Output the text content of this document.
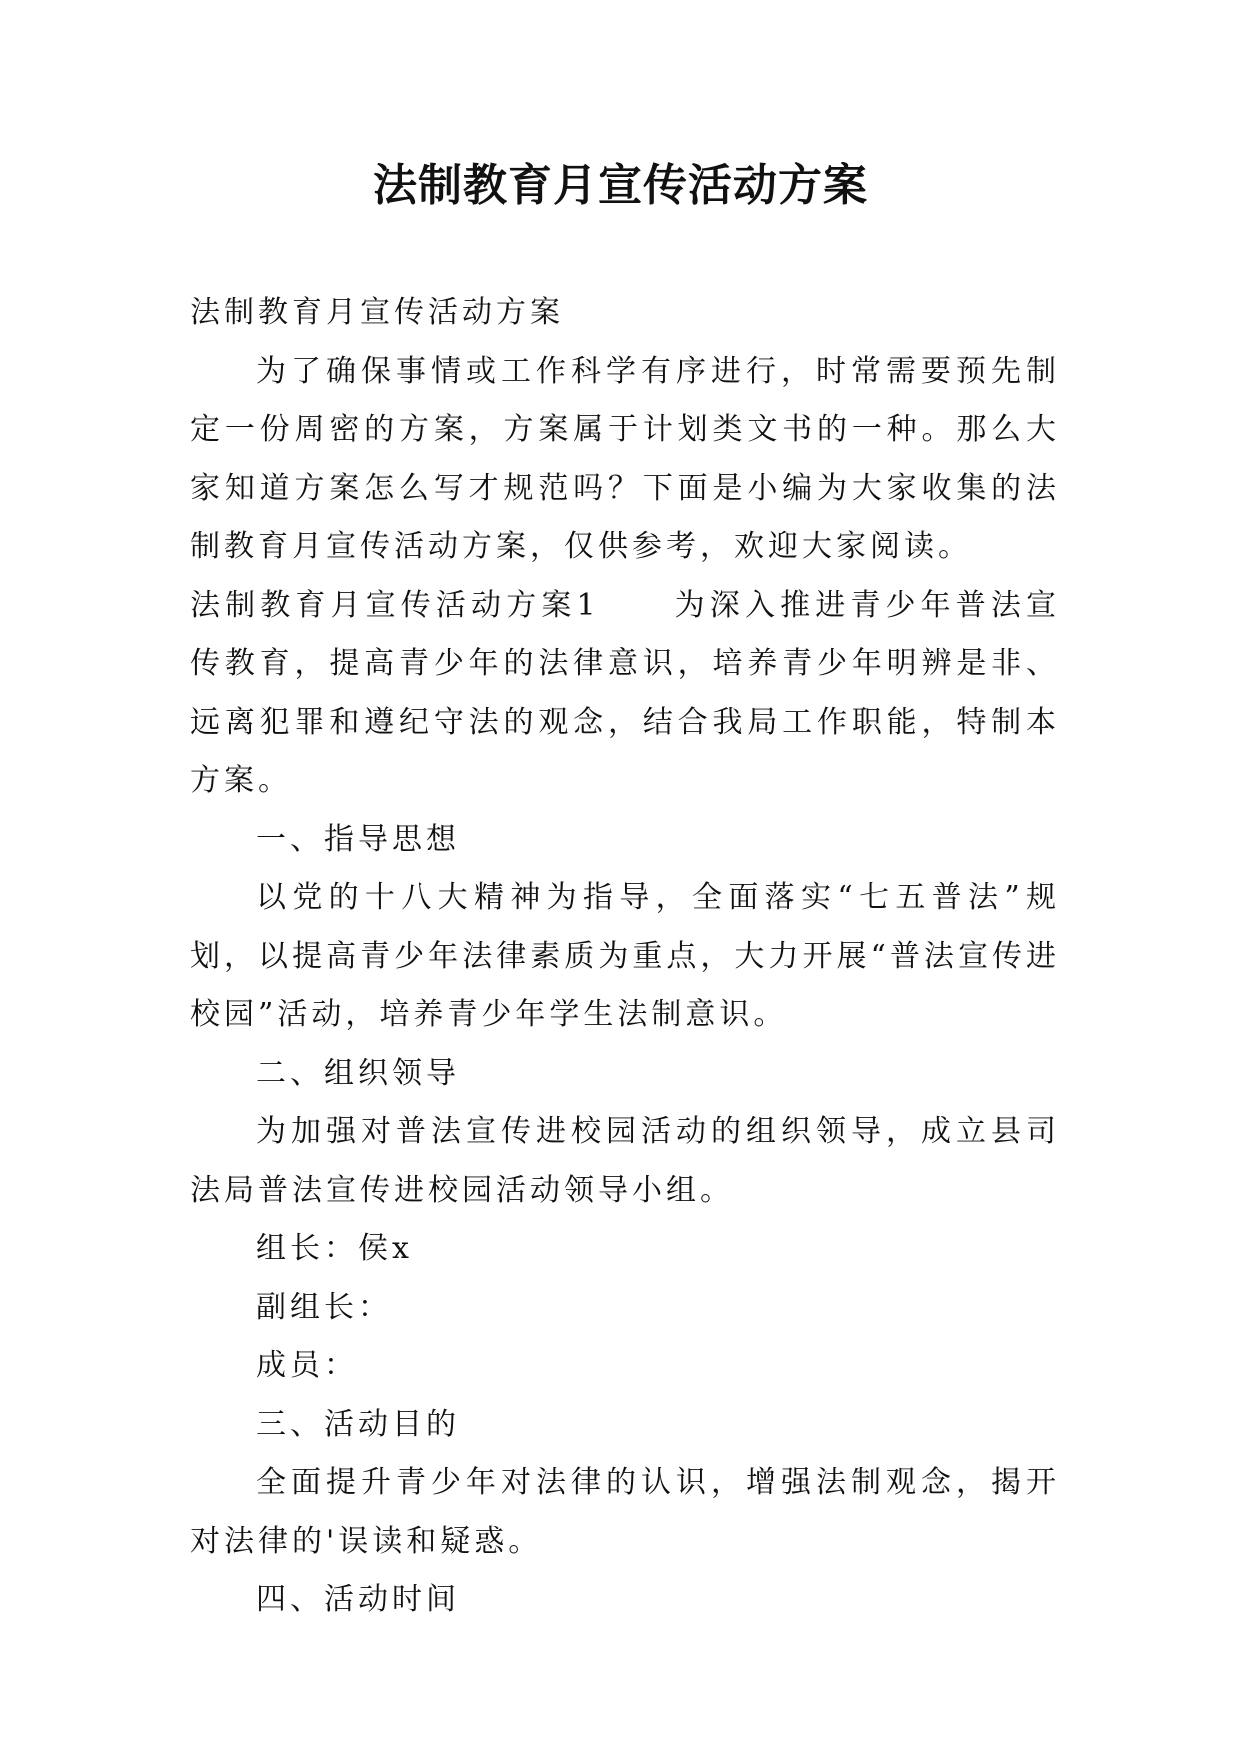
法制教育月宣传活动方案

法制教育月宣传活动方案

为了确保事情或工作科学有序进行，时常需要预先制定一份周密的方案，方案属于计划类文书的一种。那么大家知道方案怎么写才规范吗？下面是小编为大家收集的法制教育月宣传活动方案，仅供参考，欢迎大家阅读。

法制教育月宣传活动方案1 为深入推进青少年普法宣传教育，提高青少年的法律意识，培养青少年明辨是非、远离犯罪和遵纪守法的观念，结合我局工作职能，特制本方案。

一、指导思想

以党的十八大精神为指导，全面落实“七五普法”规划，以提高青少年法律素质为重点，大力开展“普法宣传进校园”活动，培养青少年学生法制意识。

二、组织领导

为加强对普法宣传进校园活动的组织领导，成立县司法局普法宣传进校园活动领导小组。

组长：侯x

副组长：

成员：

三、活动目的

全面提升青少年对法律的认识，增强法制观念，揭开对法律的'误读和疑惑。

四、活动时间
